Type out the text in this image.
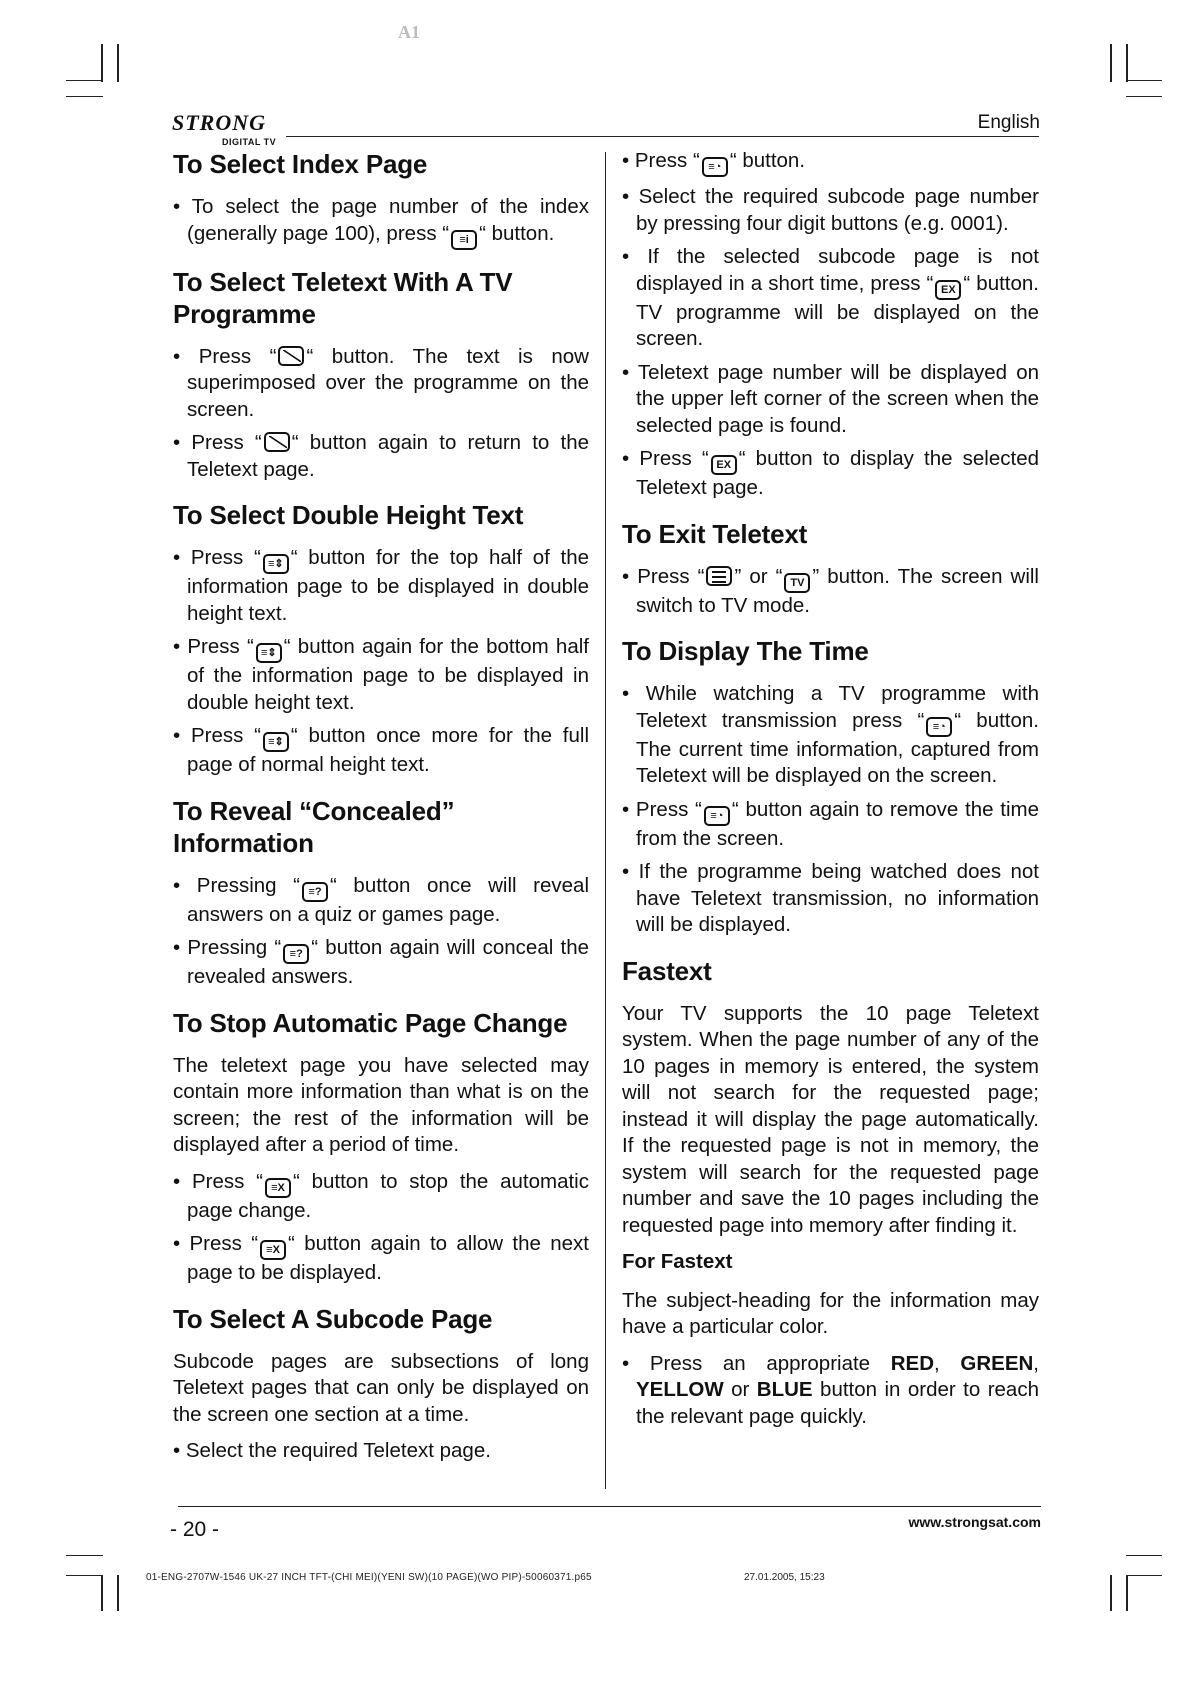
A1
STRONG
DIGITAL TV
English
To Select Index Page
• To select the page number of the index (generally page 100), press “ ≡i “ button.
To Select Teletext With A TV Programme
• Press “ “ button. The text is now superimposed over the programme on the screen.
• Press “ “ button again to return to the Teletext page.
To Select Double Height Text
• Press “ ≡⇕ “ button for the top half of the information page to be displayed in double height text.
• Press “ ≡⇕ “ button again for the bottom half of the information page to be displayed in double height text.
• Press “ ≡⇕ “ button once more for the full page of normal height text.
To Reveal “Concealed” Information
• Pressing “ ≡? “ button once will reveal answers on a quiz or games page.
• Pressing “ ≡? “ button again will conceal the revealed answers.
To Stop Automatic Page Change

The teletext page you have selected may contain more information than what is on the screen; the rest of the information will be displayed after a period of time.

• Press “ ≡X “ button to stop the automatic page change.
• Press “ ≡X “ button again to allow the next page to be displayed.
To Select A Subcode Page

Subcode pages are subsections of long Teletext pages that can only be displayed on the screen one section at a time.

• Select the required Teletext page.
• Press “ ≡◔ “ button.
• Select the required subcode page number by pressing four digit buttons (e.g. 0001).
• If the selected subcode page is not displayed in a short time, press “ EX “ button. TV programme will be displayed on the screen.
• Teletext page number will be displayed on the upper left corner of the screen when the selected page is found.
• Press “ EX “ button to display the selected Teletext page.
To Exit Teletext
• Press “ ” or “ TV ” button. The screen will switch to TV mode.
To Display The Time
• While watching a TV programme with Teletext transmission press “ ≡◔ “ button. The current time information, captured from Teletext will be displayed on the screen.
• Press “ ≡◔ “ button again to remove the time from the screen.
• If the programme being watched does not have Teletext transmission, no information will be displayed.
Fastext

Your TV supports the 10 page Teletext system. When the page number of any of the 10 pages in memory is entered, the system will not search for the requested page; instead it will display the page automatically. If the requested page is not in memory, the system will search for the requested page number and save the 10 pages including the requested page into memory after finding it.

For Fastext

The subject-heading for the information may have a particular color.

• Press an appropriate RED, GREEN, YELLOW or BLUE button in order to reach the relevant page quickly.
- 20 -	www.strongsat.com
01-ENG-2707W-1546 UK-27 INCH TFT-(CHI MEI)(YENI SW)(10 PAGE)(WO PIP)-50060371.p65	27.01.2005, 15:23
